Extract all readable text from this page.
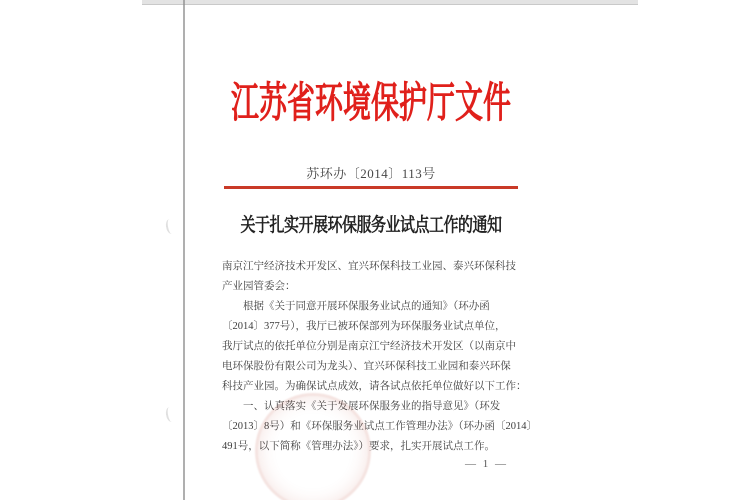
江苏省环境保护厅文件
苏环办〔2014〕113号
关于扎实开展环保服务业试点工作的通知
南京江宁经济技术开发区、宜兴环保科技工业园、泰兴环保科技
产业园管委会：
　　根据《关于同意开展环保服务业试点的通知》（环办函
〔2014〕377号），我厅已被环保部列为环保服务业试点单位，
我厅试点的依托单位分别是南京江宁经济技术开发区（以南京中
电环保股份有限公司为龙头）、宜兴环保科技工业园和泰兴环保
科技产业园。为确保试点成效，请各试点依托单位做好以下工作：
　　一、认真落实《关于发展环保服务业的指导意见》（环发
〔2013〕8号）和《环保服务业试点工作管理办法》（环办函〔2014〕
491号，以下简称《管理办法》）要求，扎实开展试点工作。
— 1 —
